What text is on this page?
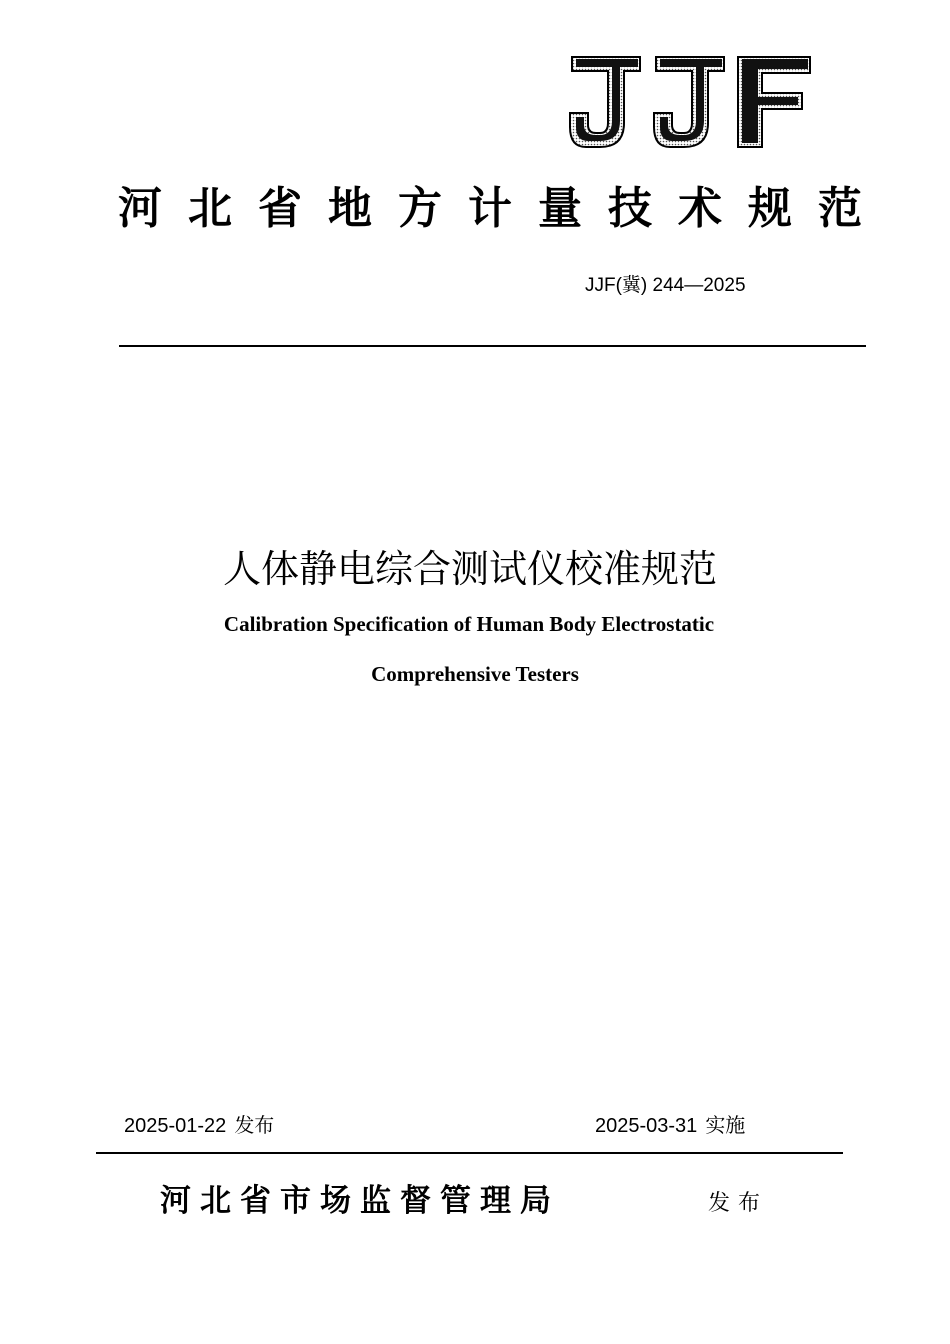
河北省地方计量技术规范
JJF(冀) 244—2025
人体静电综合测试仪校准规范
Calibration Specification of Human Body Electrostatic
Comprehensive Testers
2025-01-22 发布	2025-03-31 实施
河北省市场监督管理局	发布
